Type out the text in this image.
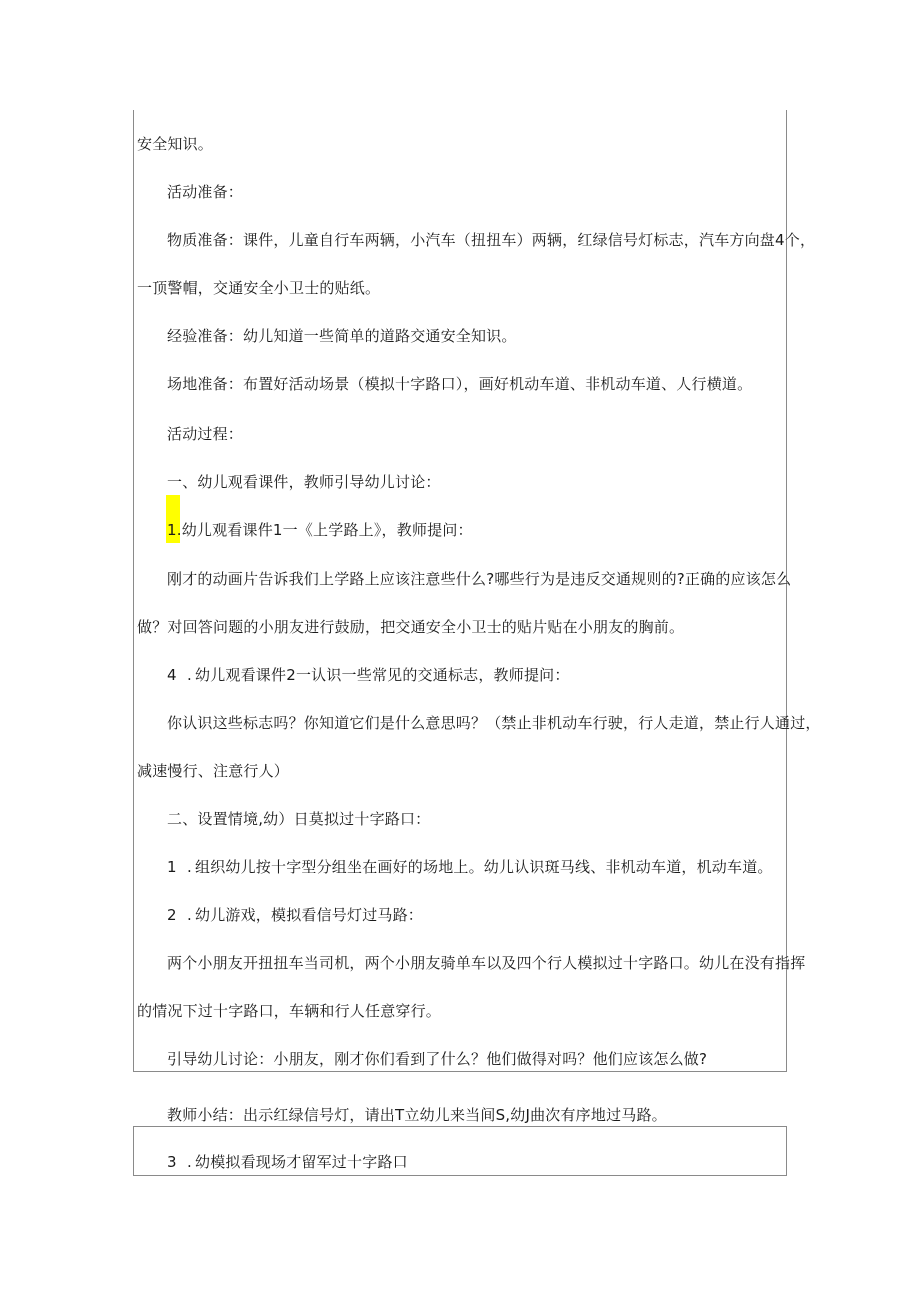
安全知识。
活动准备：
物质准备：课件，儿童自行车两辆，小汽车（扭扭车）两辆，红绿信号灯标志，汽车方向盘4个，
一顶警帽，交通安全小卫士的贴纸。
经验准备：幼儿知道一些简单的道路交通安全知识。
场地准备：布置好活动场景（模拟十字路口），画好机动车道、非机动车道、人行横道。
活动过程：
一、幼儿观看课件，教师引导幼儿讨论：
1.幼儿观看课件1一《上学路上》，教师提问：
刚才的动画片告诉我们上学路上应该注意些什么?哪些行为是违反交通规则的?正确的应该怎么
做？对回答问题的小朋友进行鼓励，把交通安全小卫士的贴片贴在小朋友的胸前。
4 . 幼儿观看课件2一认识一些常见的交通标志，教师提问：
你认识这些标志吗？你知道它们是什么意思吗？（禁止非机动车行驶，行人走道，禁止行人通过，
减速慢行、注意行人）
二、设置情境,幼）日莫拟过十字路口：
1 . 组织幼儿按十字型分组坐在画好的场地上。幼儿认识斑马线、非机动车道，机动车道。
2 . 幼儿游戏，模拟看信号灯过马路：
两个小朋友开扭扭车当司机，两个小朋友骑单车以及四个行人模拟过十字路口。幼儿在没有指挥
的情况下过十字路口，车辆和行人任意穿行。
引导幼儿讨论：小朋友，刚才你们看到了什么？他们做得对吗？他们应该怎么做?
教师小结：出示红绿信号灯，请出T立幼儿来当间S,幼J曲次有序地过马路。
3 . 幼模拟看现场才留军过十字路口
